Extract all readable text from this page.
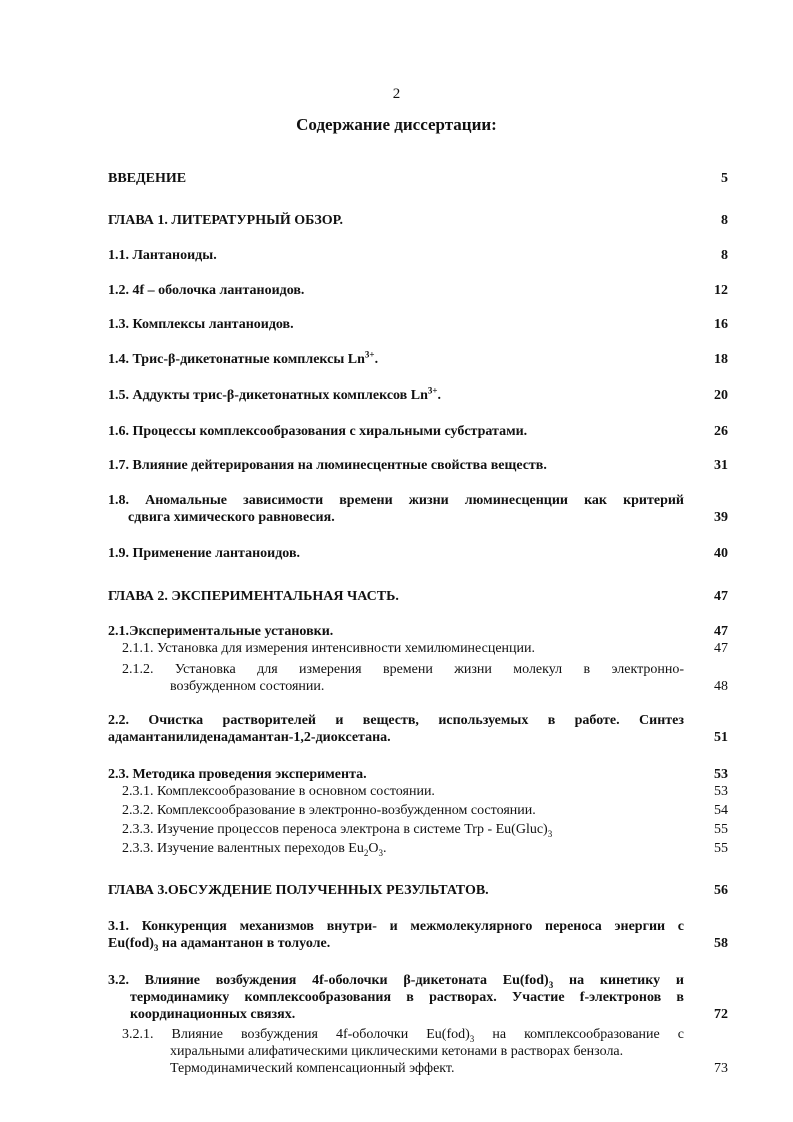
2
Содержание диссертации:
ВВЕДЕНИЕ	5
ГЛАВА 1. ЛИТЕРАТУРНЫЙ ОБЗОР.	8
1.1. Лантаноиды.	8
1.2. 4f – оболочка лантаноидов.	12
1.3. Комплексы лантаноидов.	16
1.4. Трис-β-дикетонатные комплексы $Ln^{3+}$.	18
1.5. Аддукты трис-β-дикетонатных комплексов $Ln^{3+}$.	20
1.6. Процессы комплексообразования с хиральными субстратами.	26
1.7. Влияние дейтерирования на люминесцентные свойства веществ.	31
1.8. Аномальные зависимости времени жизни люминесценции как критерий
сдвига химического равновесия.	39
1.9. Применение лантаноидов.	40
ГЛАВА 2. ЭКСПЕРИМЕНТАЛЬНАЯ ЧАСТЬ.	47
2.1.Экспериментальные установки.	47
2.1.1. Установка для измерения интенсивности хемилюминесценции.	47
2.1.2. Установка для измерения времени жизни молекул в электронно-
возбужденном состоянии.	48
2.2. Очистка растворителей и веществ, используемых в работе. Синтез
адамантанилиденадамантан-1,2-диоксетана.	51
2.3. Методика проведения эксперимента.	53
2.3.1. Комплексообразование в основном состоянии.	53
2.3.2. Комплексообразование в электронно-возбужденном состоянии.	54
2.3.3. Изучение процессов переноса электрона в системе Trp - $Eu(Gluc)_3$	55
2.3.3. Изучение валентных переходов $Eu_2O_3$.	55
ГЛАВА 3.ОБСУЖДЕНИЕ ПОЛУЧЕННЫХ РЕЗУЛЬТАТОВ.	56
3.1. Конкуренция механизмов внутри- и межмолекулярного переноса энергии с
$Eu(fod)_3$ на адамантанон в толуоле.	58
3.2. Влияние возбуждения 4f-оболочки β-дикетоната $Eu(fod)_3$ на кинетику и
термодинамику комплексообразования в растворах. Участие f-электронов в
координационных связях.	72
3.2.1. Влияние возбуждения 4f-оболочки $Eu(fod)_3$ на комплексообразование с
хиральными алифатическими циклическими кетонами в растворах бензола.
Термодинамический компенсационный эффект.	73
